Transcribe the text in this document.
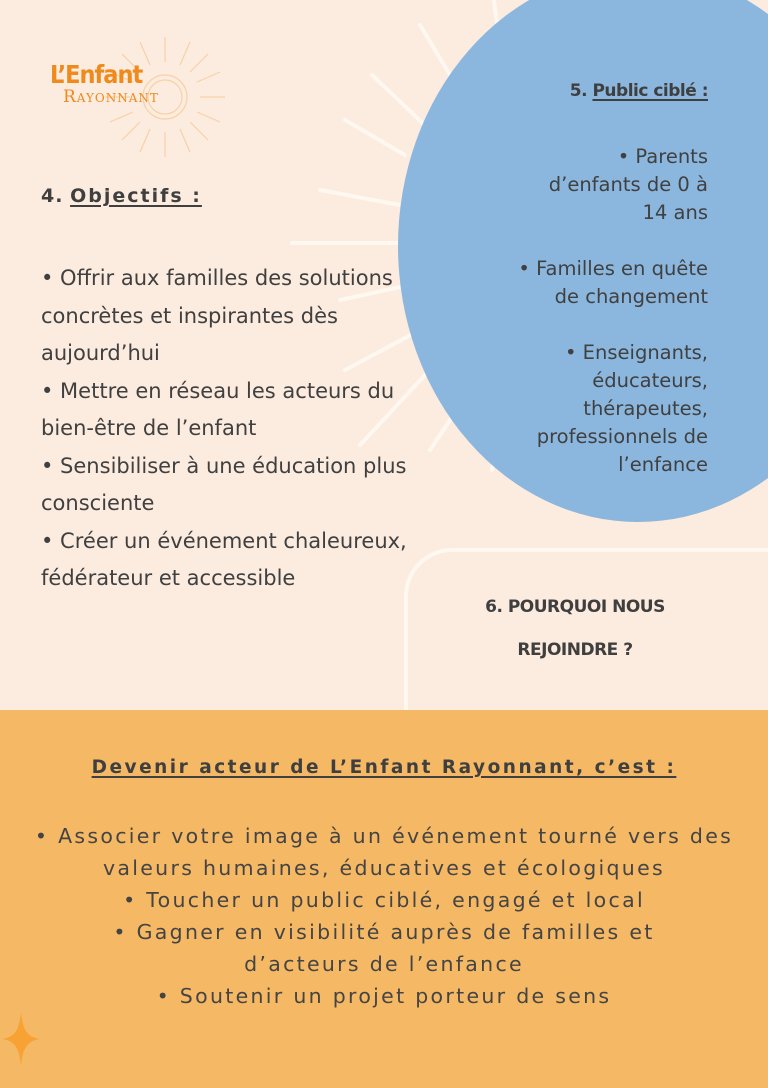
L’Enfant
Rayonnant
4. Objectifs :
• Offrir aux familles des solutions concrètes et inspirantes dès aujourd’hui
• Mettre en réseau les acteurs du bien-être de l’enfant
• Sensibiliser à une éducation plus consciente
• Créer un événement chaleureux, fédérateur et accessible
5. Public ciblé :
• Parents d’enfants de 0 à 14 ans
• Familles en quête de changement
• Enseignants, éducateurs, thérapeutes, professionnels de l’enfance
6. POURQUOI NOUS
REJOINDRE ?
Devenir acteur de L’Enfant Rayonnant, c’est :
• Associer votre image à un événement tourné vers des valeurs humaines, éducatives et écologiques
• Toucher un public ciblé, engagé et local
• Gagner en visibilité auprès de familles et d’acteurs de l’enfance
• Soutenir un projet porteur de sens
